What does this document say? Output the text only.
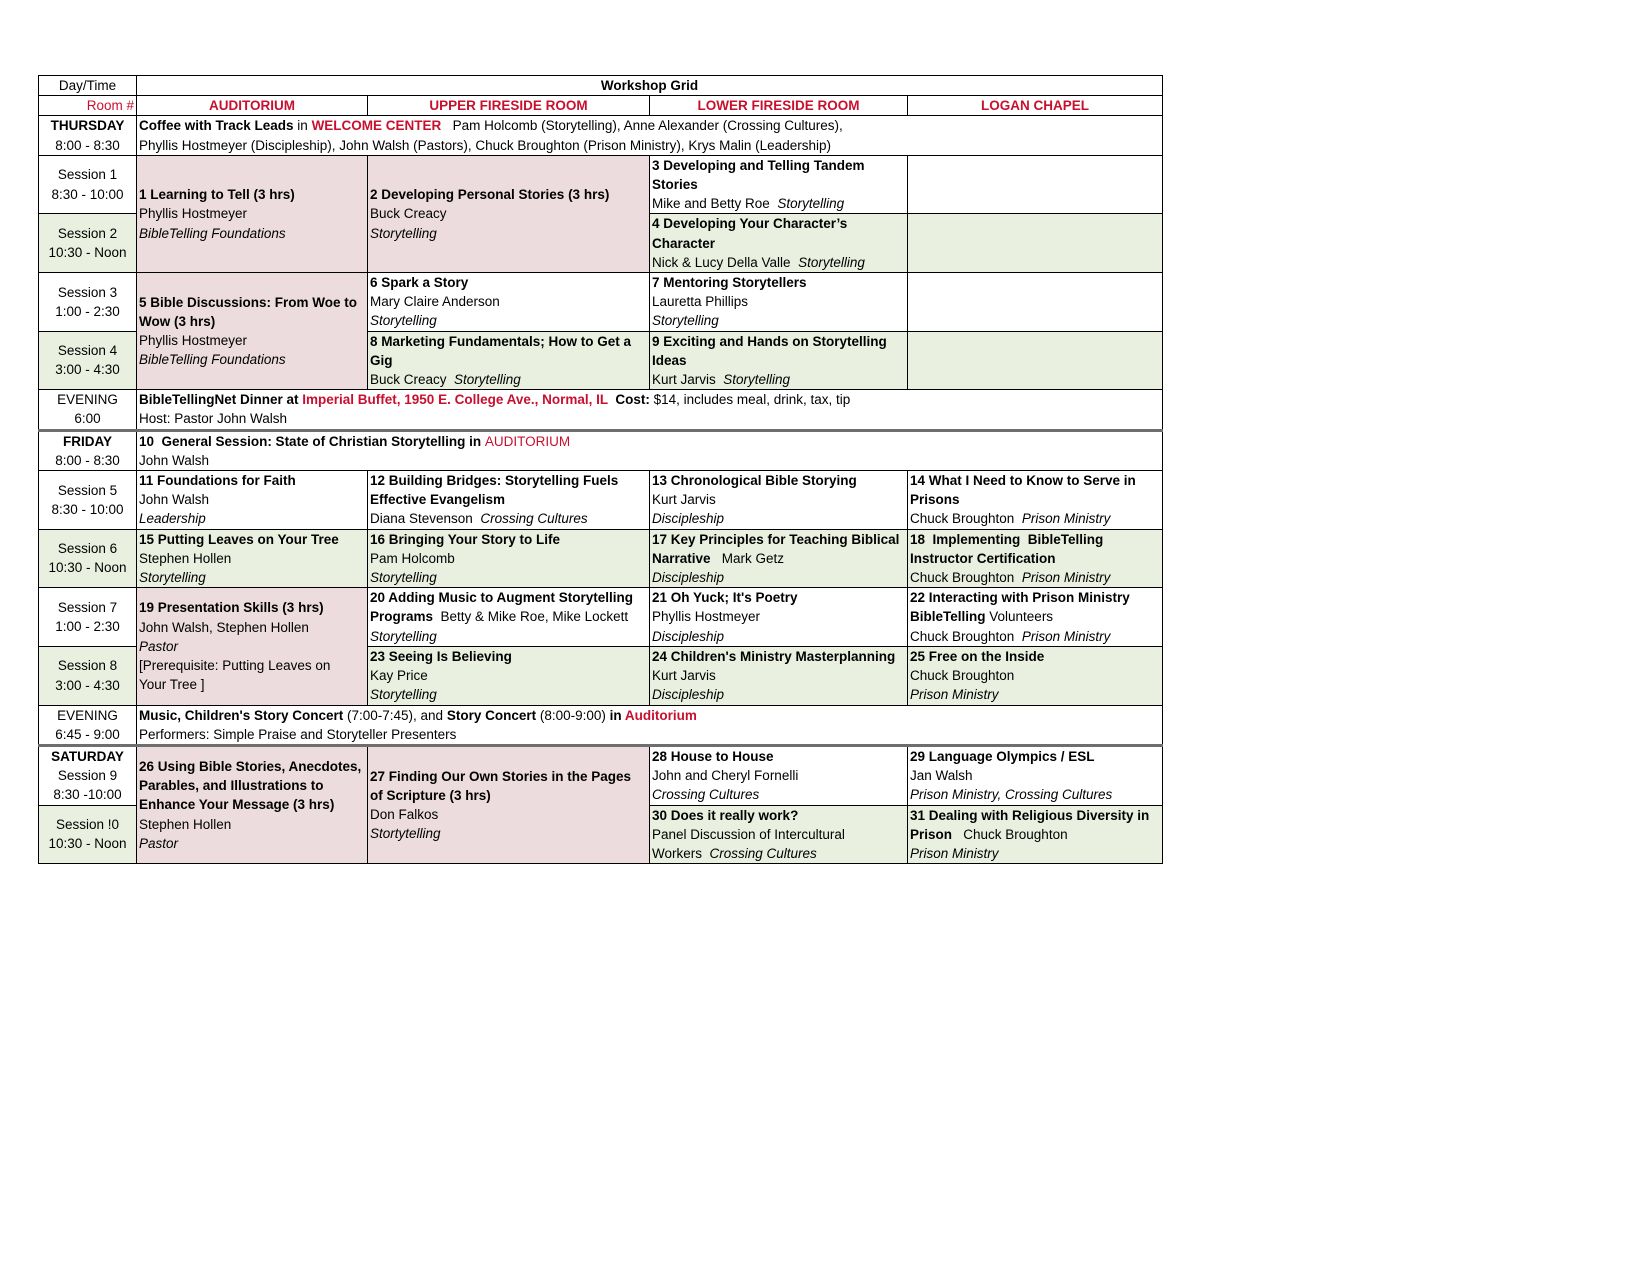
Day/Time	Workshop Grid			
Room #	AUDITORIUM	UPPER FIRESIDE ROOM	LOWER FIRESIDE ROOM	LOGAN CHAPEL

THURSDAY
8:00 - 8:30	Coffee with Track Leads in WELCOME CENTER   Pam Holcomb (Storytelling), Anne Alexander (Crossing Cultures),
Phyllis Hostmeyer (Discipleship), John Walsh (Pastors), Chuck Broughton (Prison Ministry), Krys Malin (Leadership)			

Session 1
8:30 - 10:00	1 Learning to Tell (3 hrs)
Phyllis Hostmeyer
BibleTelling Foundations	2 Developing Personal Stories (3 hrs)
Buck Creacy
Storytelling	3 Developing and Telling Tandem
Stories
Mike and Betty Roe  Storytelling	

Session 2
10:30 - Noon			4 Developing Your Character’s
Character
Nick & Lucy Della Valle  Storytelling	

Session 3
1:00 - 2:30	5 Bible Discussions: From Woe to
Wow (3 hrs)
Phyllis Hostmeyer
BibleTelling Foundations	6 Spark a Story
Mary Claire Anderson
Storytelling	7 Mentoring Storytellers
Lauretta Phillips
Storytelling	

Session 4
3:00 - 4:30		8 Marketing Fundamentals; How to Get a
Gig
Buck Creacy  Storytelling	9 Exciting and Hands on Storytelling
Ideas
Kurt Jarvis  Storytelling	

EVENING
6:00	BibleTellingNet Dinner at Imperial Buffet, 1950 E. College Ave., Normal, IL  Cost: $14, includes meal, drink, tax, tip
Host: Pastor John Walsh			

FRIDAY
8:00 - 8:30	10  General Session: State of Christian Storytelling in AUDITORIUM
John Walsh			

Session 5
8:30 - 10:00	11 Foundations for Faith
John Walsh
Leadership	12 Building Bridges: Storytelling Fuels
Effective Evangelism
Diana Stevenson  Crossing Cultures	13 Chronological Bible Storying
Kurt Jarvis
Discipleship	14 What I Need to Know to Serve in
Prisons
Chuck Broughton  Prison Ministry

Session 6
10:30 - Noon	15 Putting Leaves on Your Tree
Stephen Hollen
Storytelling	16 Bringing Your Story to Life
Pam Holcomb
Storytelling	17 Key Principles for Teaching Biblical
Narrative   Mark Getz
Discipleship	18  Implementing  BibleTelling
Instructor Certification
Chuck Broughton  Prison Ministry

Session 7
1:00 - 2:30	19 Presentation Skills (3 hrs)
John Walsh, Stephen Hollen
Pastor
[Prerequisite: Putting Leaves on
Your Tree ]	20 Adding Music to Augment Storytelling
Programs  Betty & Mike Roe, Mike Lockett
Storytelling	21 Oh Yuck; It's Poetry
Phyllis Hostmeyer
Discipleship	22 Interacting with Prison Ministry
BibleTelling Volunteers
Chuck Broughton  Prison Ministry

Session 8
3:00 - 4:30		23 Seeing Is Believing
Kay Price
Storytelling	24 Children's Ministry Masterplanning
Kurt Jarvis
Discipleship	25 Free on the Inside
Chuck Broughton
Prison Ministry

EVENING
6:45 - 9:00	Music, Children's Story Concert (7:00-7:45), and Story Concert (8:00-9:00) in Auditorium
Performers: Simple Praise and Storyteller Presenters			

SATURDAY
Session 9
8:30 -10:00	26 Using Bible Stories, Anecdotes,
Parables, and Illustrations to
Enhance Your Message (3 hrs)
Stephen Hollen
Pastor	27 Finding Our Own Stories in the Pages
of Scripture (3 hrs)
Don Falkos
Stortytelling	28 House to House
John and Cheryl Fornelli
Crossing Cultures	29 Language Olympics / ESL
Jan Walsh
Prison Ministry, Crossing Cultures

Session !0
10:30 - Noon			30 Does it really work?
Panel Discussion of Intercultural
Workers  Crossing Cultures	31 Dealing with Religious Diversity in
Prison   Chuck Broughton
Prison Ministry
